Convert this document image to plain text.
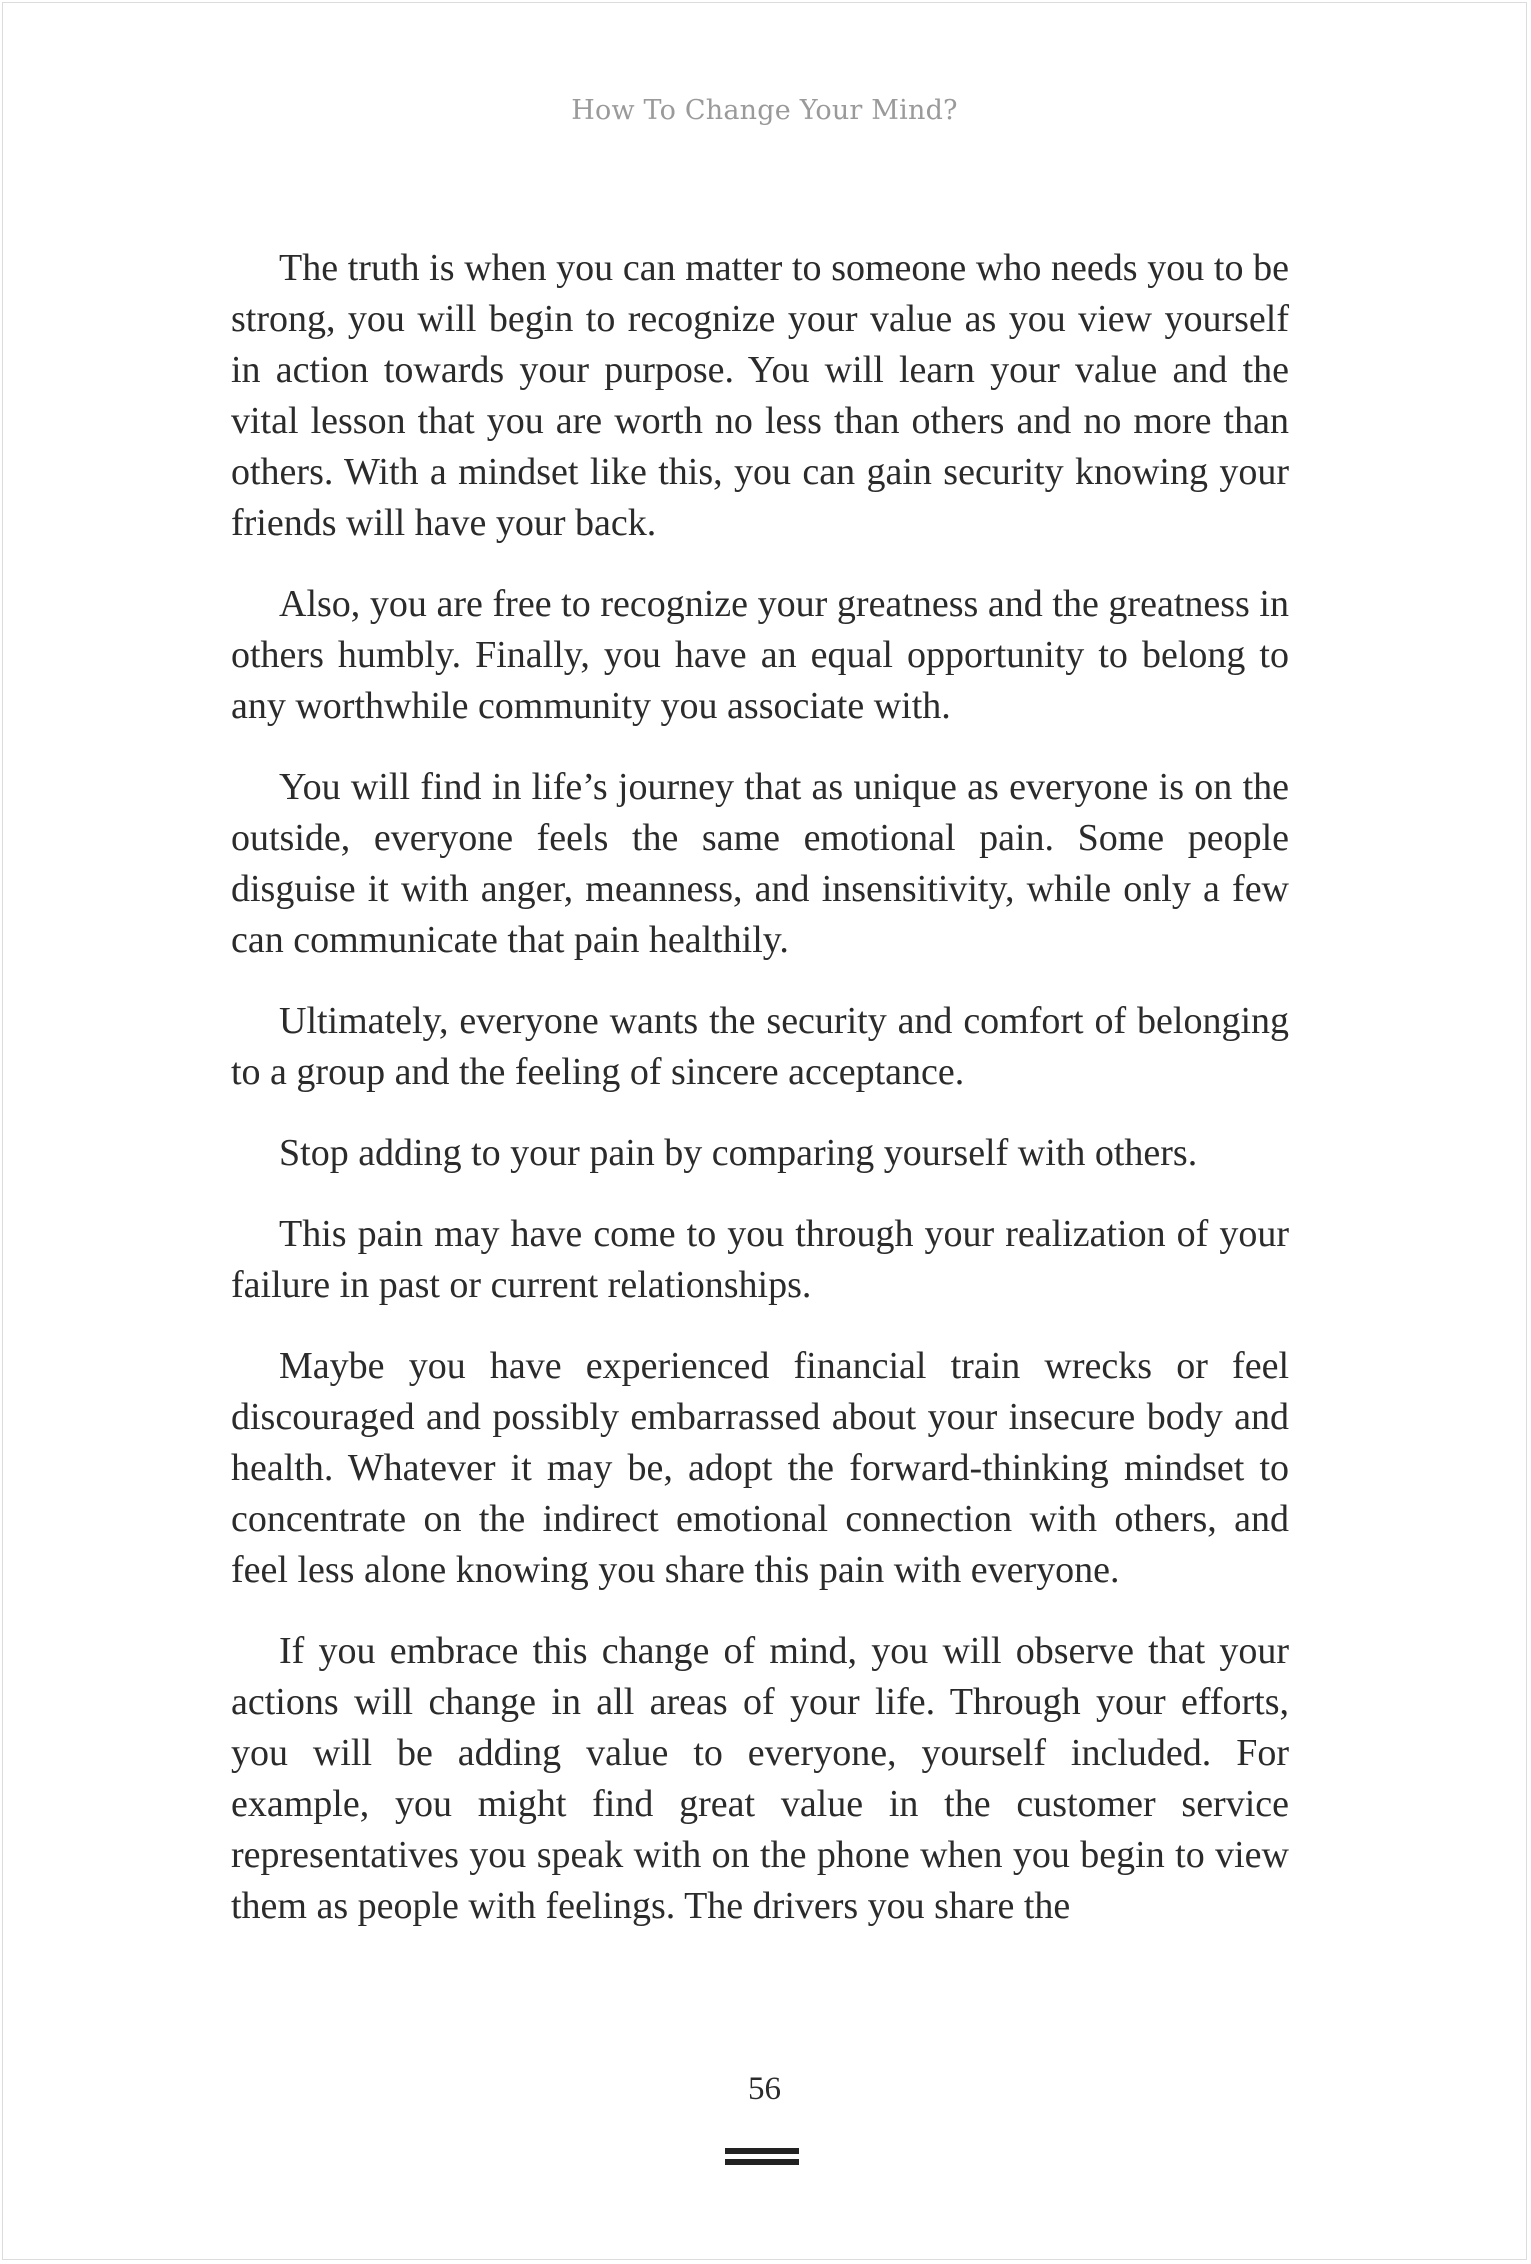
How To Change Your Mind?

The truth is when you can matter to someone who needs you to be strong, you will begin to recognize your value as you view yourself in action towards your purpose. You will learn your value and the vital lesson that you are worth no less than others and no more than others. With a mindset like this, you can gain security knowing your friends will have your back.

Also, you are free to recognize your greatness and the greatness in others humbly. Finally, you have an equal opportunity to belong to any worthwhile community you associate with.

You will find in life’s journey that as unique as everyone is on the outside, everyone feels the same emotional pain. Some people disguise it with anger, meanness, and insensitivity, while only a few can communicate that pain healthily.

Ultimately, everyone wants the security and comfort of belonging to a group and the feeling of sincere acceptance.

Stop adding to your pain by comparing yourself with others.

This pain may have come to you through your realization of your failure in past or current relationships.

Maybe you have experienced financial train wrecks or feel discouraged and possibly embarrassed about your insecure body and health. Whatever it may be, adopt the forward-thinking mindset to concentrate on the indirect emotional connection with others, and feel less alone knowing you share this pain with everyone.

If you embrace this change of mind, you will observe that your actions will change in all areas of your life. Through your efforts, you will be adding value to everyone, yourself included. For example, you might find great value in the customer service representatives you speak with on the phone when you begin to view them as people with feelings. The drivers you share the

56
